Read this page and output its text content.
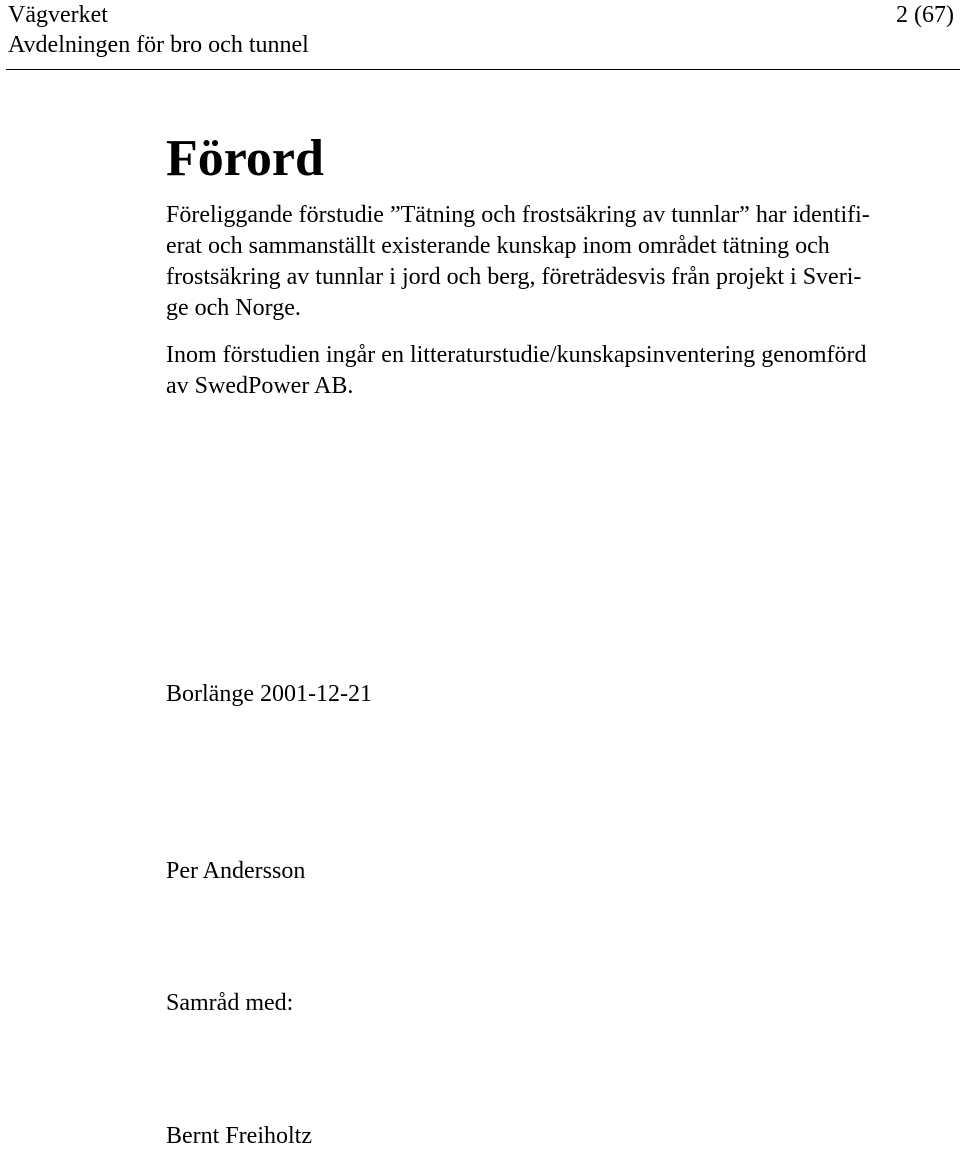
Vägverket
Avdelningen för bro och tunnel
2 (67)
Förord

Föreliggande förstudie ”Tätning och frostsäkring av tunnlar” har identifi-
erat och sammanställt existerande kunskap inom området tätning och
frostsäkring av tunnlar i jord och berg, företrädesvis från projekt i Sveri-
ge och Norge.

Inom förstudien ingår en litteraturstudie/kunskapsinventering genomförd
av SwedPower AB.

Borlänge 2001-12-21

Per Andersson

Samråd med:

Bernt Freiholtz
